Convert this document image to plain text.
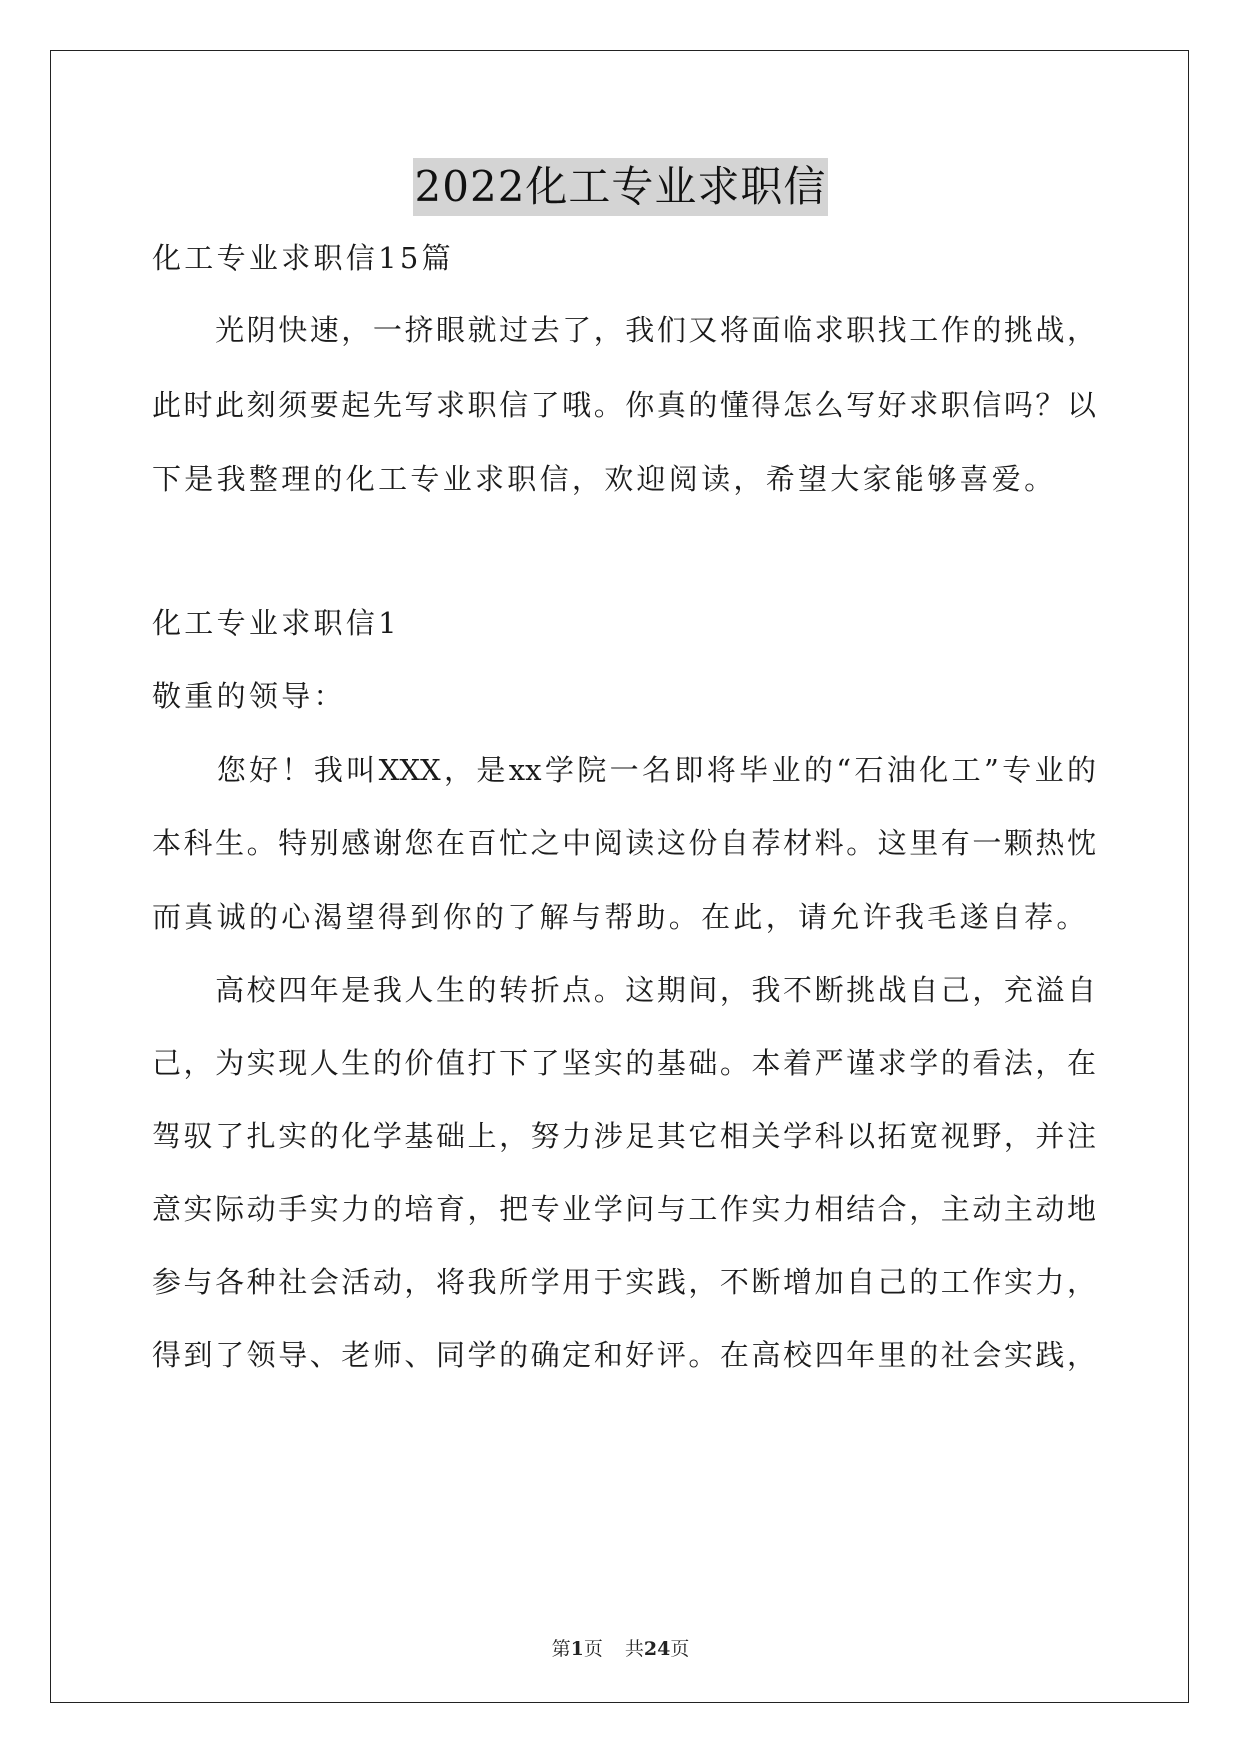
2022化工专业求职信
化工专业求职信15篇
　　光阴快速，一挤眼就过去了，我们又将面临求职找工作的挑战，
此时此刻须要起先写求职信了哦。你真的懂得怎么写好求职信吗？以
下是我整理的化工专业求职信，欢迎阅读，希望大家能够喜爱。
化工专业求职信1
敬重的领导：
　　您好！我叫XXX，是xx学院一名即将毕业的“石油化工”专业的
本科生。特别感谢您在百忙之中阅读这份自荐材料。这里有一颗热忱
而真诚的心渴望得到你的了解与帮助。在此，请允许我毛遂自荐。
　　高校四年是我人生的转折点。这期间，我不断挑战自己，充溢自
己，为实现人生的价值打下了坚实的基础。本着严谨求学的看法，在
驾驭了扎实的化学基础上，努力涉足其它相关学科以拓宽视野，并注
意实际动手实力的培育，把专业学问与工作实力相结合，主动主动地
参与各种社会活动，将我所学用于实践，不断增加自己的工作实力，
得到了领导、老师、同学的确定和好评。在高校四年里的社会实践，
第1页 共24页
